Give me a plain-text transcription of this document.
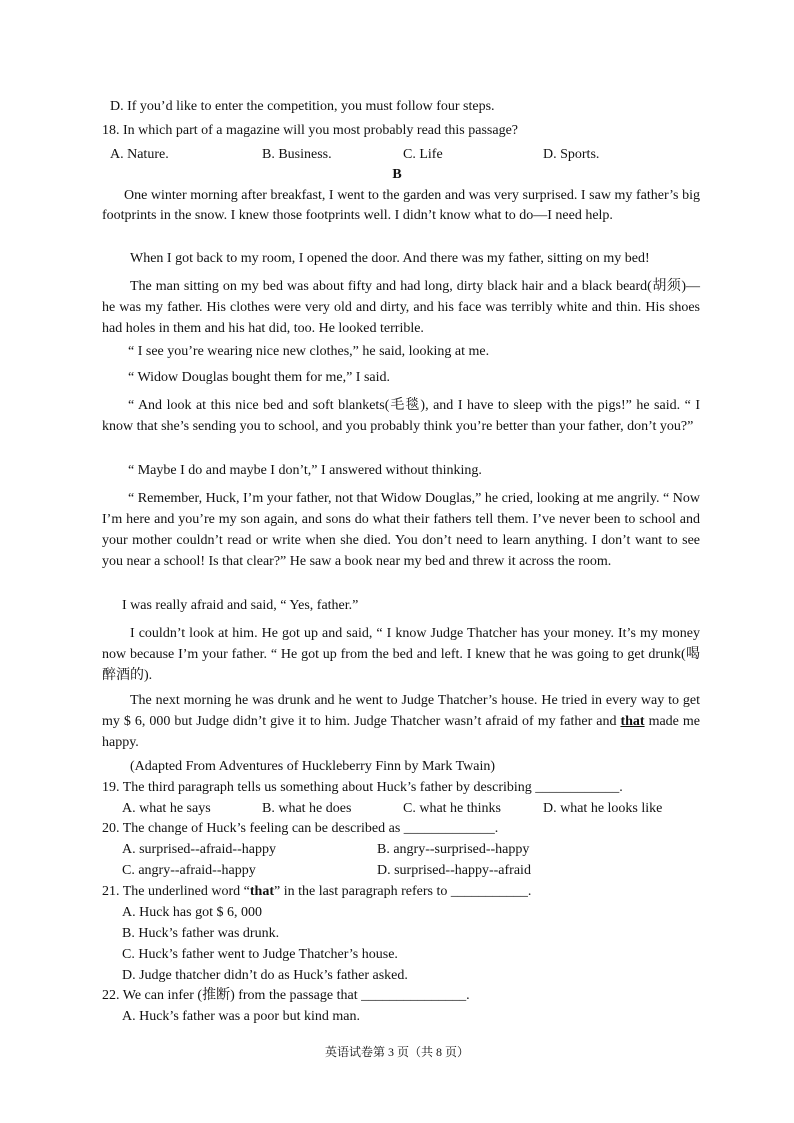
D. If you’d like to enter the competition, you must follow four steps.
18. In which part of a magazine will you most probably read this passage?
A. Nature.	B. Business.	C. Life	D. Sports.
B
One winter morning after breakfast, I went to the garden and was very surprised. I saw my father’s big footprints in the snow. I knew those footprints well. I didn’t know what to do—I need help.
When I got back to my room, I opened the door. And there was my father, sitting on my bed!
The man sitting on my bed was about fifty and had long, dirty black hair and a black beard(胡须)—he was my father. His clothes were very old and dirty, and his face was terribly white and thin. His shoes had holes in them and his hat did, too. He looked terrible.
“ I see you’re wearing nice new clothes,” he said, looking at me.
“ Widow Douglas bought them for me,” I said.
“ And look at this nice bed and soft blankets(毛毯), and I have to sleep with the pigs!” he said. “ I know that she’s sending you to school, and you probably think you’re better than your father, don’t you?”
“ Maybe I do and maybe I don’t,” I answered without thinking.
“ Remember, Huck, I’m your father, not that Widow Douglas,” he cried, looking at me angrily. “ Now I’m here and you’re my son again, and sons do what their fathers tell them. I’ve never been to school and your mother couldn’t read or write when she died. You don’t need to learn anything. I don’t want to see you near a school! Is that clear?” He saw a book near my bed and threw it across the room.
I was really afraid and said, “ Yes, father.”
I couldn’t look at him. He got up and said, “ I know Judge Thatcher has your money. It’s my money now because I’m your father. “ He got up from the bed and left. I knew that he was going to get drunk(喝醉酒的).
The next morning he was drunk and he went to Judge Thatcher’s house. He tried in every way to get my $ 6, 000 but Judge didn’t give it to him. Judge Thatcher wasn’t afraid of my father and that made me happy.
(Adapted From Adventures of Huckleberry Finn by Mark Twain)
19. The third paragraph tells us something about Huck’s father by describing ____________.
A. what he says	B. what he does	C. what he thinks	D. what he looks like
20. The change of Huck’s feeling can be described as _____________.
A. surprised--afraid--happy	B. angry--surprised--happy
C. angry--afraid--happy	D. surprised--happy--afraid
21. The underlined word “that” in the last paragraph refers to ___________.
A. Huck has got $ 6, 000
B. Huck’s father was drunk.
C. Huck’s father went to Judge Thatcher’s house.
D. Judge thatcher didn’t do as Huck’s father asked.
22. We can infer (推断) from the passage that _______________.
A. Huck’s father was a poor but kind man.
英语试卷第 3 页（共 8 页）
